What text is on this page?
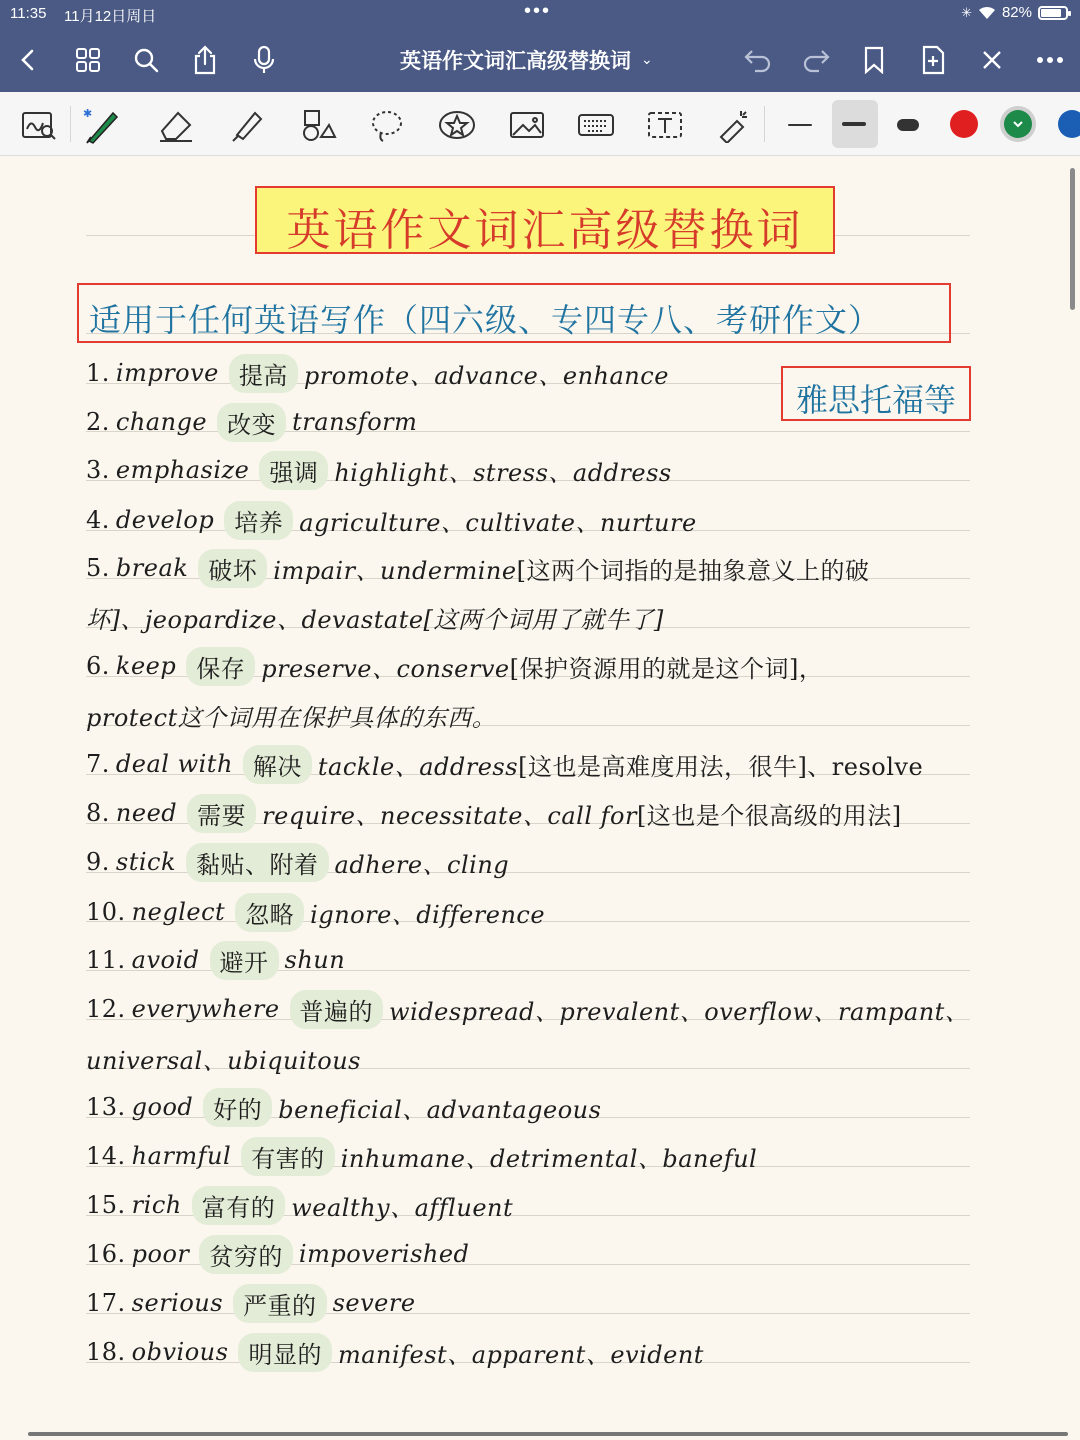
11:35 11月12日周日	•••	✳ 82%
英语作文词汇高级替换词 ⌄
✱
英语作文词汇高级替换词
适用于任何英语写作（四六级、专四专八、考研作文）
1. improve 提高 promote、advance、enhance
2. change 改变 transform
3. emphasize 强调 highlight、stress、address
4. develop 培养 agriculture、cultivate、nurture
5. break 破坏 impair、undermine [这两个词指的是抽象意义上的破
6. keep 保存 preserve、conserve [保护资源用的就是这个词]，
7. deal with 解决 tackle、address [这也是高难度用法，很牛]、resolve
8. need 需要 require、necessitate、call for [这也是个很高级的用法]
9. stick 黏贴、附着 adhere、cling
10. neglect 忽略 ignore、difference
11. avoid 避开 shun
12. everywhere 普遍的 widespread、prevalent、overflow、rampant、
13. good 好的 beneficial、advantageous
14. harmful 有害的 inhumane、detrimental、baneful
15. rich 富有的 wealthy、affluent
16. poor 贫穷的 impoverished
17. serious 严重的 severe
18. obvious 明显的 manifest、apparent、evident
坏]、jeopardize、devastate[这两个词用了就牛了]
protect这个词用在保护具体的东西。
universal、ubiquitous
雅思托福等
